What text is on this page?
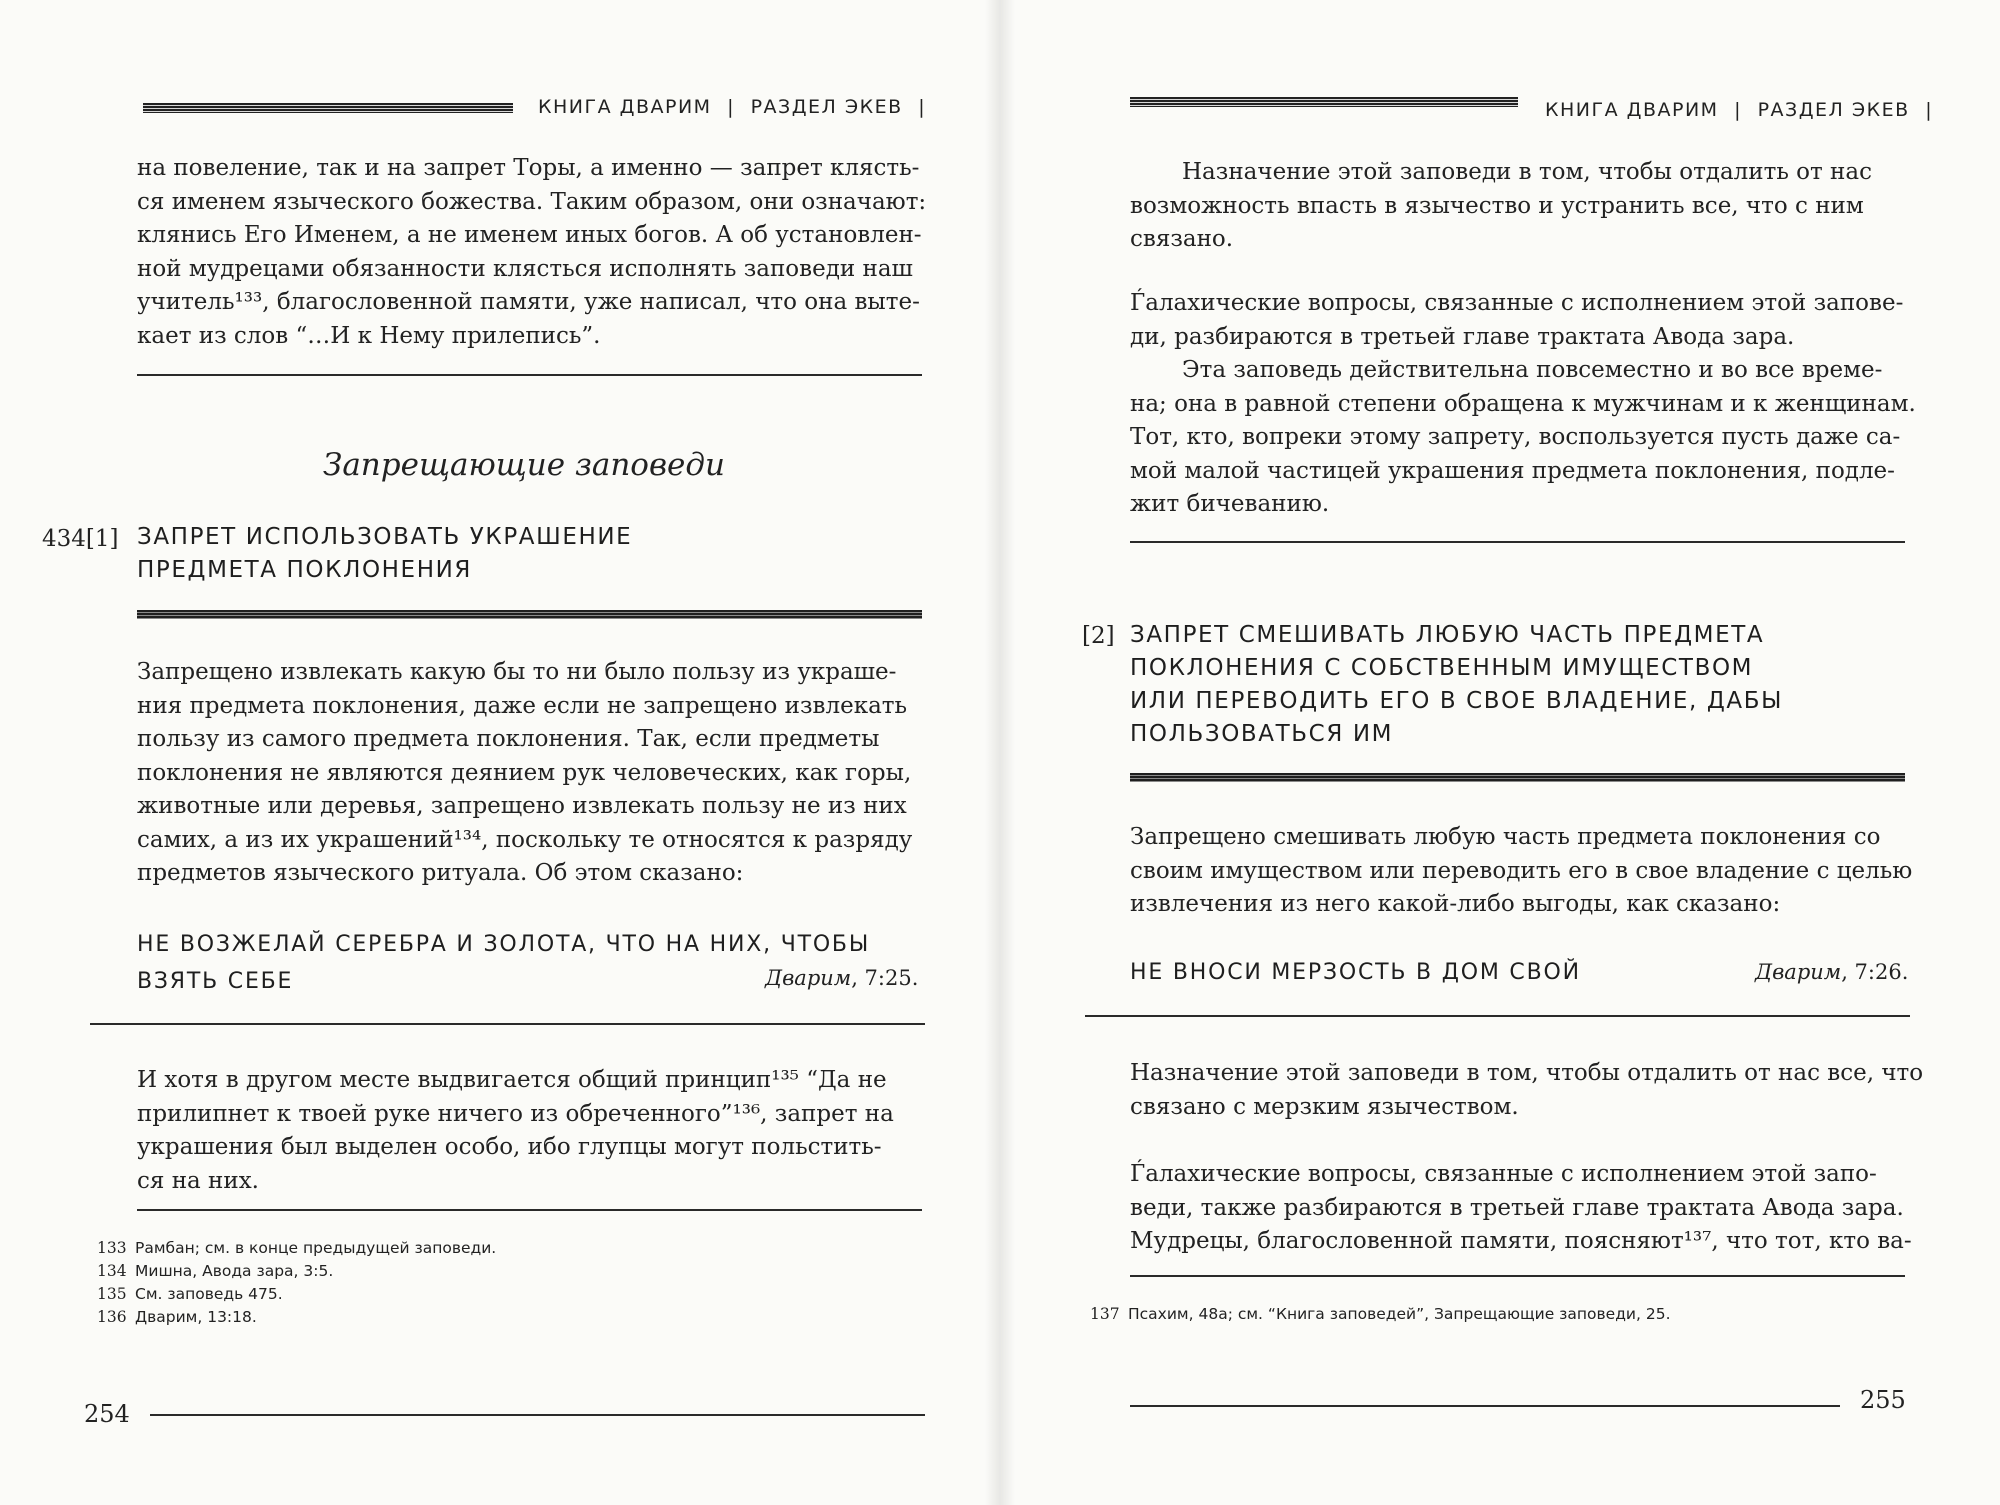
КНИГА ДВАРИМ | РАЗДЕЛ ЭКЕВ |

на повеление, так и на запрет Торы, а именно — запрет клясть-

ся именем языческого божества. Таким образом, они означают:

клянись Его Именем, а не именем иных богов. А об установлен-

ной мудрецами обязанности клясться исполнять заповеди наш

учитель¹³³, благословенной памяти, уже написал, что она выте-

кает из слов “…И к Нему прилепись”.

Запрещающие заповеди
434[1] ЗАПРЕТ ИСПОЛЬЗОВАТЬ УКРАШЕНИЕ
ПРЕДМЕТА ПОКЛОНЕНИЯ

Запрещено извлекать какую бы то ни было пользу из украше-

ния предмета поклонения, даже если не запрещено извлекать

пользу из самого предмета поклонения. Так, если предметы

поклонения не являются деянием рук человеческих, как горы,

животные или деревья, запрещено извлекать пользу не из них

самих, а из их украшений¹³⁴, поскольку те относятся к разряду

предметов языческого ритуала. Об этом сказано:

НЕ ВОЗЖЕЛАЙ СЕРЕБРА И ЗОЛОТА, ЧТО НА НИХ, ЧТОБЫ
ВЗЯТЬ СЕБЕ	Дварим, 7:25.

И хотя в другом месте выдвигается общий принцип¹³⁵ “Да не

прилипнет к твоей руке ничего из обреченного”¹³⁶, запрет на

украшения был выделен особо, ибо глупцы могут польстить-

ся на них.

133 Рамбан; см. в конце предыдущей заповеди.
134 Мишна, Авода зара, 3:5.
135 См. заповедь 475.
136 Дварим, 13:18.
254
КНИГА ДВАРИМ | РАЗДЕЛ ЭКЕВ |

Назначение этой заповеди в том, чтобы отдалить от нас

возможность впасть в язычество и устранить все, что с ним

связано.

Ѓалахические вопросы, связанные с исполнением этой запове-

ди, разбираются в третьей главе трактата Авода зара.

Эта заповедь действительна повсеместно и во все време-

на; она в равной степени обращена к мужчинам и к женщинам.

Тот, кто, вопреки этому запрету, воспользуется пусть даже са-

мой малой частицей украшения предмета поклонения, подле-

жит бичеванию.

[2] ЗАПРЕТ СМЕШИВАТЬ ЛЮБУЮ ЧАСТЬ ПРЕДМЕТА
ПОКЛОНЕНИЯ С СОБСТВЕННЫМ ИМУЩЕСТВОМ
ИЛИ ПЕРЕВОДИТЬ ЕГО В СВОЕ ВЛАДЕНИЕ, ДАБЫ
ПОЛЬЗОВАТЬСЯ ИМ

Запрещено смешивать любую часть предмета поклонения со

своим имуществом или переводить его в свое владение с целью

извлечения из него какой-либо выгоды, как сказано:

НЕ ВНОСИ МЕРЗОСТЬ В ДОМ СВОЙ	Дварим, 7:26.

Назначение этой заповеди в том, чтобы отдалить от нас все, что

связано с мерзким язычеством.

Ѓалахические вопросы, связанные с исполнением этой запо-

веди, также разбираются в третьей главе трактата Авода зара.

Мудрецы, благословенной памяти, поясняют¹³⁷, что тот, кто ва-

137 Псахим, 48а; см. “Книга заповедей”, Запрещающие заповеди, 25.
255
